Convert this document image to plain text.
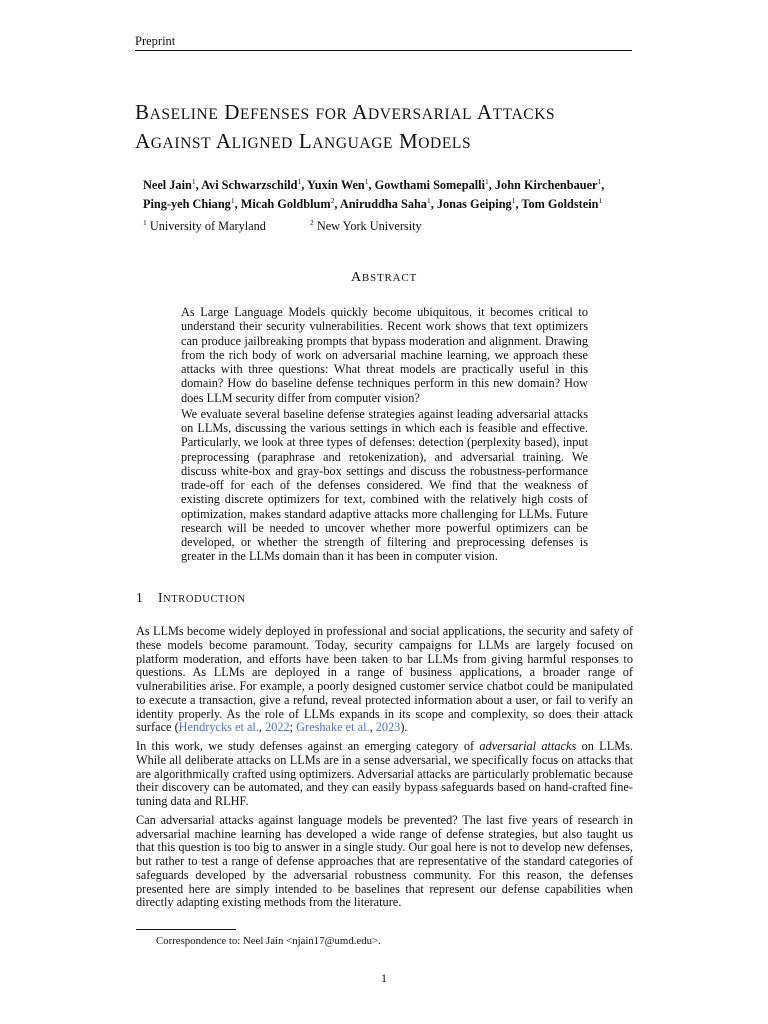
Preprint
BASELINE DEFENSES FOR ADVERSARIAL ATTACKS
AGAINST ALIGNED LANGUAGE MODELS
Neel Jain$^1$, Avi Schwarzschild$^1$, Yuxin Wen$^1$, Gowthami Somepalli$^1$, John Kirchenbauer$^1$,
Ping-yeh Chiang$^1$, Micah Goldblum$^2$, Aniruddha Saha$^1$, Jonas Geiping$^1$, Tom Goldstein$^1$
$^1$ University of Maryland	$^2$ New York University
ABSTRACT

As Large Language Models quickly become ubiquitous, it becomes critical to understand their security vulnerabilities. Recent work shows that text optimizers can produce jailbreaking prompts that bypass moderation and alignment. Drawing from the rich body of work on adversarial machine learning, we approach these attacks with three questions: What threat models are practically useful in this domain? How do baseline defense techniques perform in this new domain? How does LLM security differ from computer vision?

We evaluate several baseline defense strategies against leading adversarial attacks on LLMs, discussing the various settings in which each is feasible and effective. Particularly, we look at three types of defenses: detection (perplexity based), input preprocessing (paraphrase and retokenization), and adversarial training. We discuss white-box and gray-box settings and discuss the robustness-performance trade-off for each of the defenses considered. We find that the weakness of existing discrete optimizers for text, combined with the relatively high costs of optimization, makes standard adaptive attacks more challenging for LLMs. Future research will be needed to uncover whether more powerful optimizers can be developed, or whether the strength of filtering and preprocessing defenses is greater in the LLMs domain than it has been in computer vision.

1 INTRODUCTION

As LLMs become widely deployed in professional and social applications, the security and safety of these models become paramount. Today, security campaigns for LLMs are largely focused on platform moderation, and efforts have been taken to bar LLMs from giving harmful responses to questions. As LLMs are deployed in a range of business applications, a broader range of vulnerabilities arise. For example, a poorly designed customer service chatbot could be manipulated to execute a transaction, give a refund, reveal protected information about a user, or fail to verify an identity properly. As the role of LLMs expands in its scope and complexity, so does their attack surface (Hendrycks et al., 2022; Greshake et al., 2023).

In this work, we study defenses against an emerging category of adversarial attacks on LLMs. While all deliberate attacks on LLMs are in a sense adversarial, we specifically focus on attacks that are algorithmically crafted using optimizers. Adversarial attacks are particularly problematic because their discovery can be automated, and they can easily bypass safeguards based on hand-crafted fine-tuning data and RLHF.

Can adversarial attacks against language models be prevented? The last five years of research in adversarial machine learning has developed a wide range of defense strategies, but also taught us that this question is too big to answer in a single study. Our goal here is not to develop new defenses, but rather to test a range of defense approaches that are representative of the standard categories of safeguards developed by the adversarial robustness community. For this reason, the defenses presented here are simply intended to be baselines that represent our defense capabilities when directly adapting existing methods from the literature.

Correspondence to: Neel Jain <njain17@umd.edu>.
1
